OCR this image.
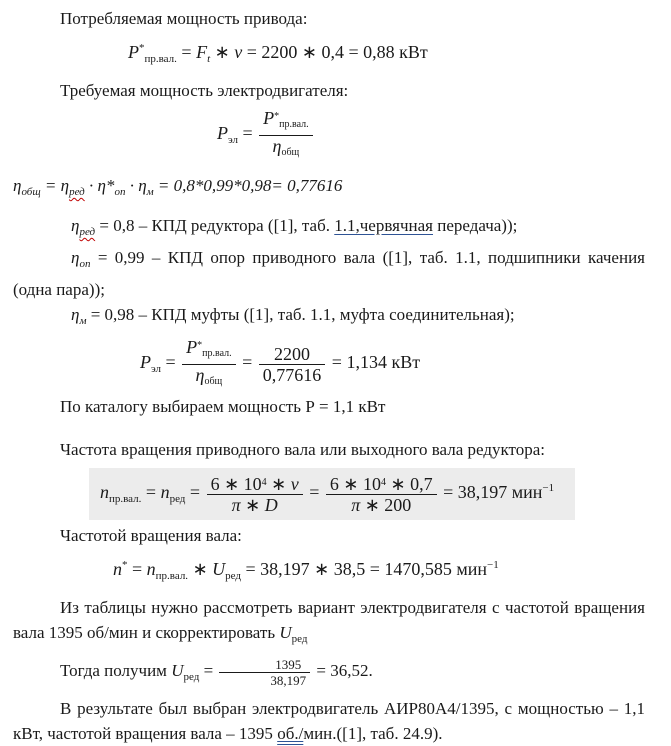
Потребляемая мощность привода:

$P^*_{пр.вал.} = F_t$ ∗ v = 2200 ∗ 0,4 = 0,88 кВт

Требуемая мощность электродвигателя:

$P_{эл} = \frac{P^*_{пр.вал.}}{\eta_{общ}}$

$\eta_{общ} = \eta_{ред} \cdot \eta*_{оп} \cdot \eta_м = 0,8*0,99*0,98= 0,77616$

$\eta_{ред} = 0,8$ – КПД редуктора ([1], таб. 1.1,червячная передача));

$\eta_{оп} = 0,99$ – КПД опор приводного вала ([1], таб. 1.1, подшипники качения (одна пара));

$\eta_м = 0,98$ – КПД муфты ([1], таб. 1.1, муфта соединительная);

$P_{эл} = \frac{P^*_{пр.вал.}}{\eta_{общ}} = \frac{2200}{0,77616} = 1,134$ кВт

По каталогу выбираем мощность Р = 1,1 кВт

Частота вращения приводного вала или выходного вала редуктора:

$n_{пр.вал.} = n_{ред} = \frac{6 ∗ 10^4 ∗ v}{\pi ∗ D} = \frac{6 ∗ 10^4 ∗ 0,7}{\pi ∗ 200} = 38,197$ мин$^{-1}$

Частотой вращения вала:

$n^* = n_{пр.вал.}$ ∗ $U_{ред} = 38,197$ ∗ 38,5 = 1470,585 мин$^{-1}$

Из таблицы нужно рассмотреть вариант электродвигателя с частотой вращения вала 1395 об/мин и скорректировать $U_{ред}$

Тогда получим $U_{ред} = \frac{1395}{38,197} = 36,52$.

В результате был выбран электродвигатель АИР80А4/1395, с мощностью – 1,1 кВт, частотой вращения вала – 1395 об./мин.([1], таб. 24.9).
